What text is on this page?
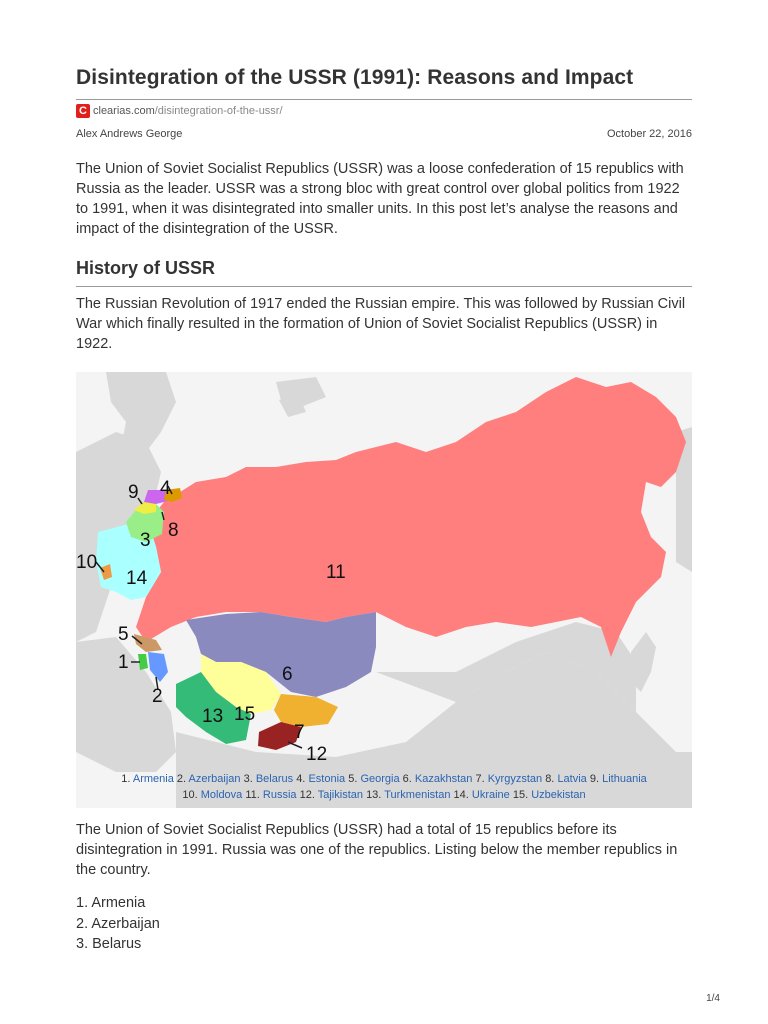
Disintegration of the USSR (1991): Reasons and Impact
C clearias.com/disintegration-of-the-ussr/
Alex Andrews George	October 22, 2016

The Union of Soviet Socialist Republics (USSR) was a loose confederation of 15 republics with Russia as the leader. USSR was a strong bloc with great control over global politics from 1922 to 1991, when it was disintegrated into smaller units. In this post let’s analyse the reasons and impact of the disintegration of the USSR.

History of USSR

The Russian Revolution of 1917 ended the Russian empire. This was followed by Russian Civil War which finally resulted in the formation of Union of Soviet Socialist Republics (USSR) in 1922.

9 4
8
3
10
14	11
5
1
2
6
13 15
7
12
1. Armenia 2. Azerbaijan 3. Belarus 4. Estonia 5. Georgia 6. Kazakhstan 7. Kyrgyzstan 8. Latvia 9. Lithuania
10. Moldova 11. Russia 12. Tajikistan 13. Turkmenistan 14. Ukraine 15. Uzbekistan

The Union of Soviet Socialist Republics (USSR) had a total of 15 republics before its disintegration in 1991. Russia was one of the republics. Listing below the member republics in the country.

1. Armenia
2. Azerbaijan
3. Belarus
1/4
